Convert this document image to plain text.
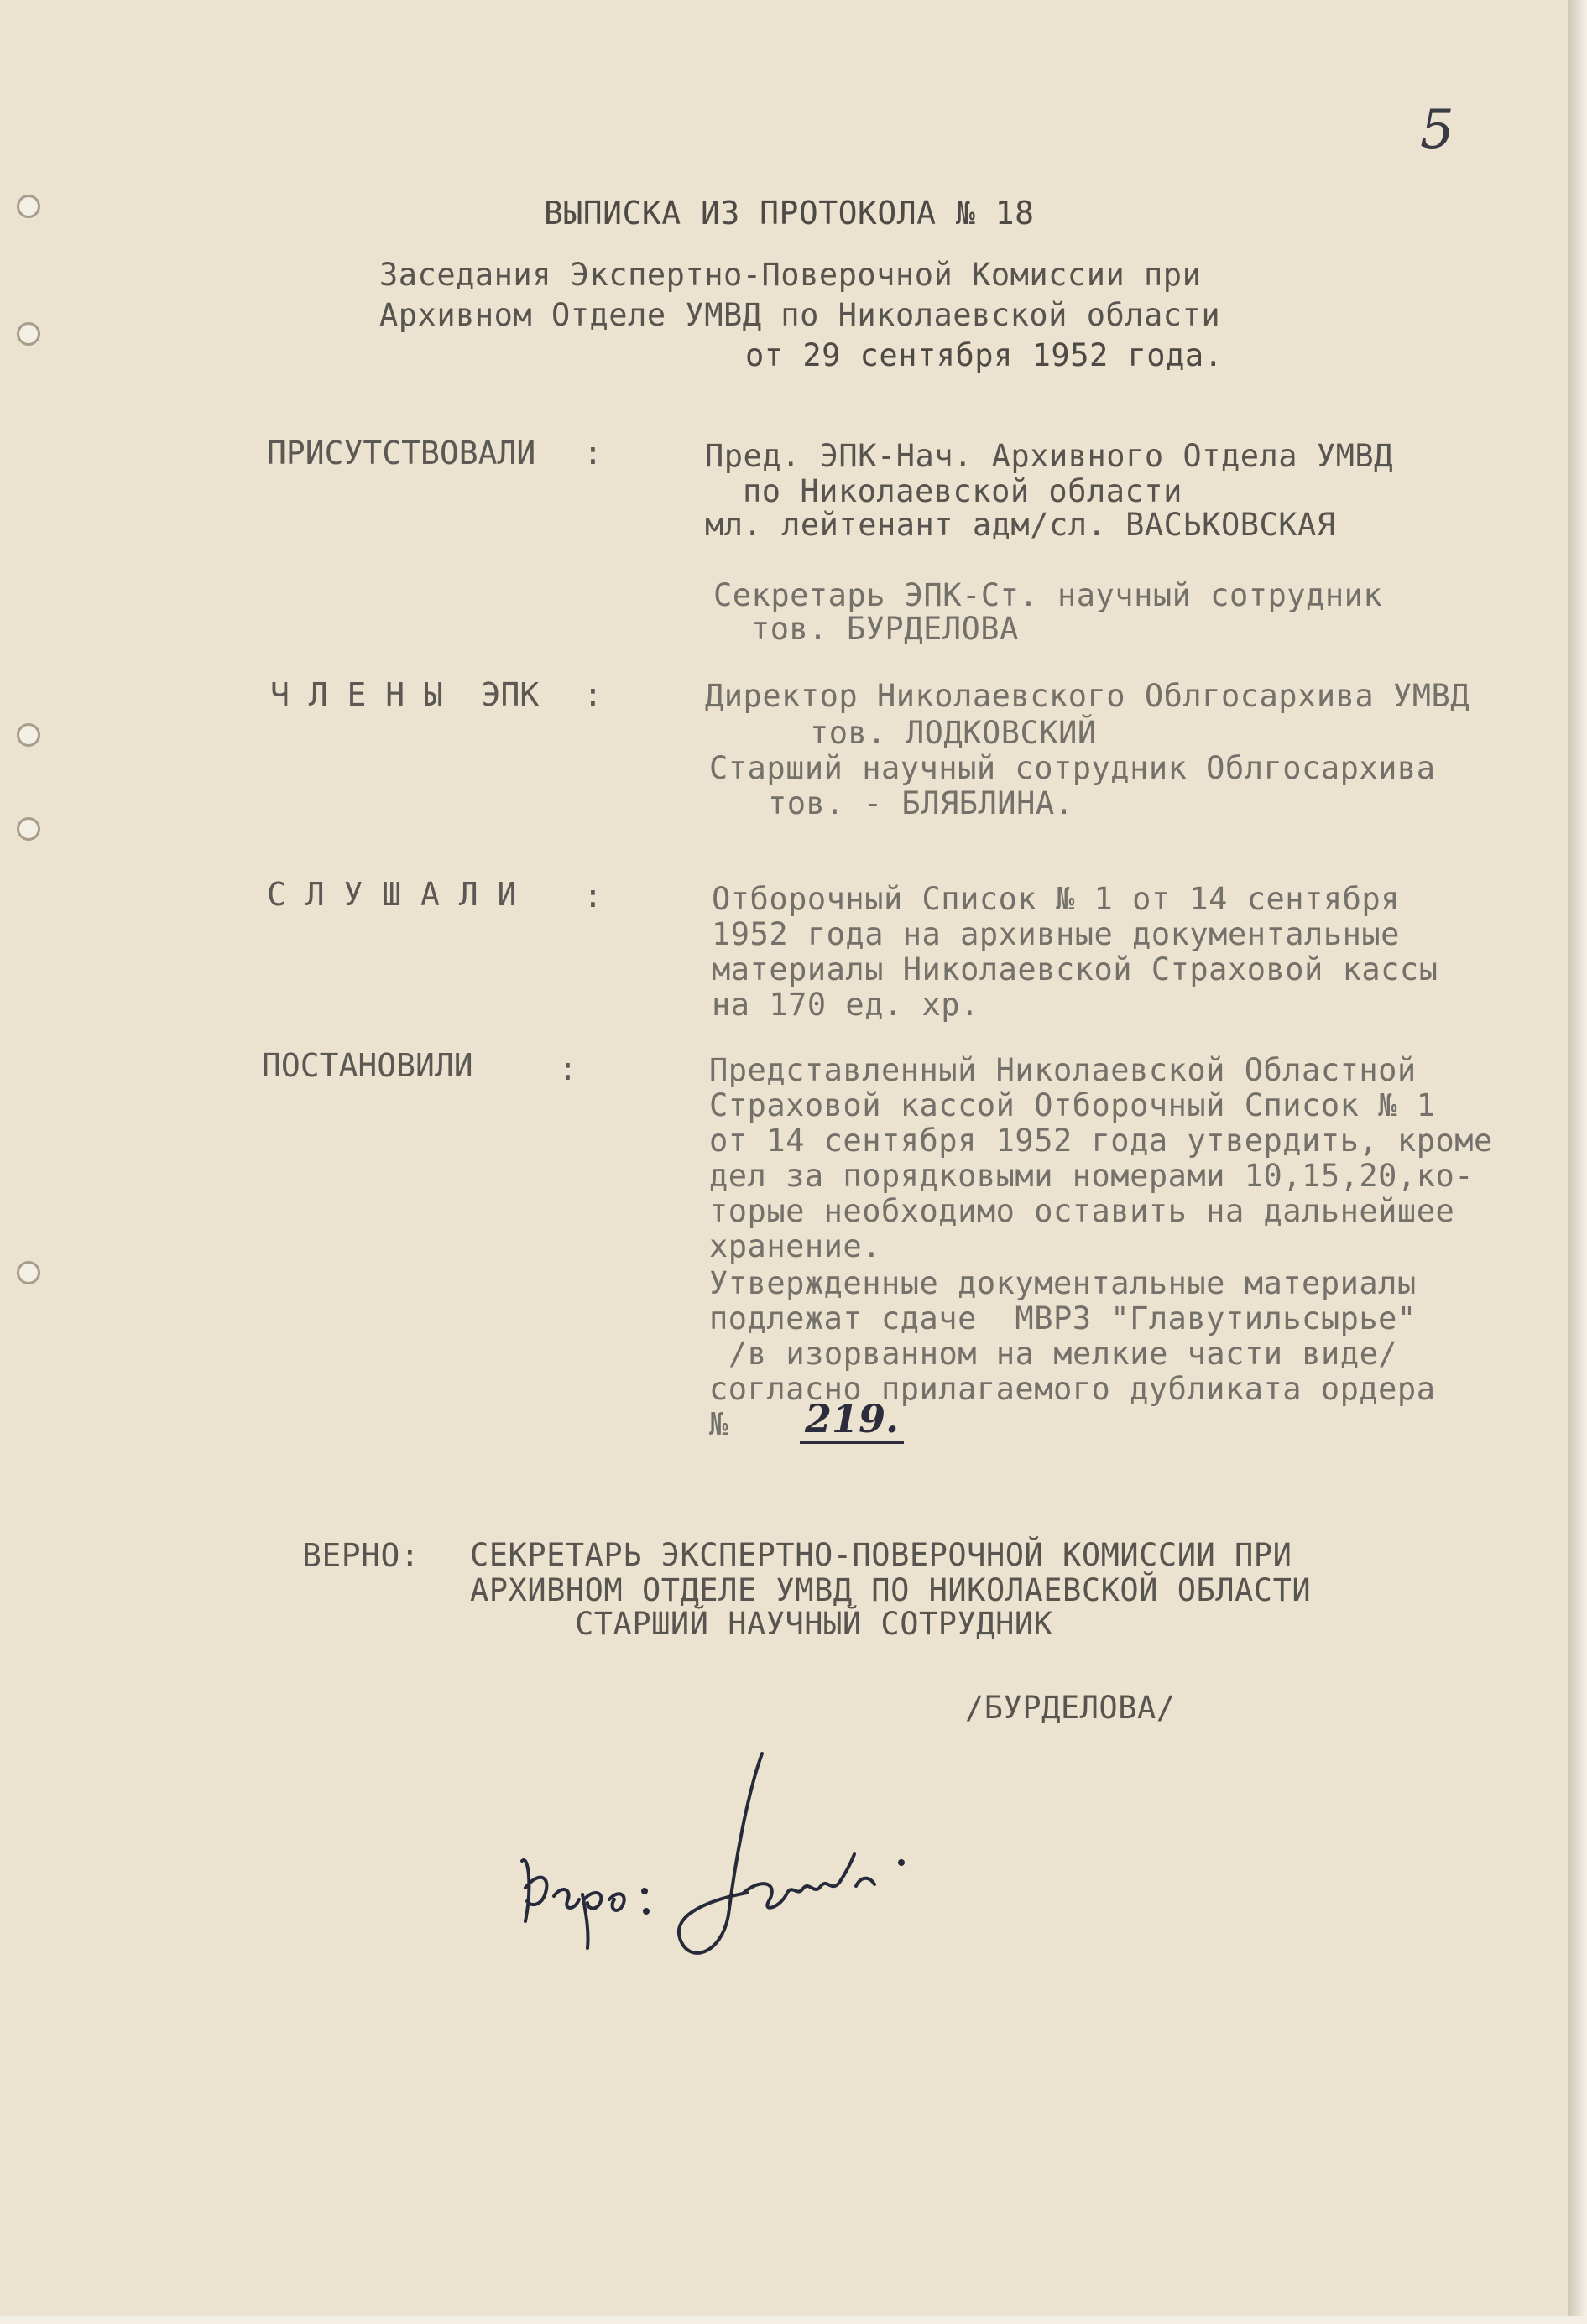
5
ВЫПИСКА ИЗ ПРОТОКОЛА № 18
Заседания Экспертно-Поверочной Комиссии при
Архивном Отделе УМВД по Николаевской области
от 29 сентября 1952 года.
ПРИСУТСТВОВАЛИ :	Пред. ЭПК-Нач. Архивного Отдела УМВД
по Николаевской области
мл. лейтенант адм/сл. ВАСЬКОВСКАЯ
Секретарь ЭПК-Ст. научный сотрудник
тов. БУРДЕЛОВА
Ч Л Е Н Ы  ЭПК :	Директор Николаевского Облгосархива УМВД
тов. ЛОДКОВСКИЙ
Старший научный сотрудник Облгосархива
тов. - БЛЯБЛИНА.
С Л У Ш А Л И :	Отборочный Список № 1 от 14 сентября
1952 года на архивные документальные
материалы Николаевской Страховой кассы
на 170 ед. хр.
ПОСТАНОВИЛИ	:	Представленный Николаевской Областной
Страховой кассой Отборочный Список № 1
от 14 сентября 1952 года утвердить, кроме
дел за порядковыми номерами 10,15,20,ко-
торые необходимо оставить на дальнейшее
хранение.
Утвержденные документальные материалы
подлежат сдаче  МВРЗ "Главутильсырье"
/в изорванном на мелкие части виде/
согласно прилагаемого дубликата ордера
№ 219.
ВЕРНО: СЕКРЕТАРЬ ЭКСПЕРТНО-ПОВЕРОЧНОЙ КОМИССИИ ПРИ
АРХИВНОМ ОТДЕЛЕ УМВД ПО НИКОЛАЕВСКОЙ ОБЛАСТИ
СТАРШИЙ НАУЧНЫЙ СОТРУДНИК
/БУРДЕЛОВА/
